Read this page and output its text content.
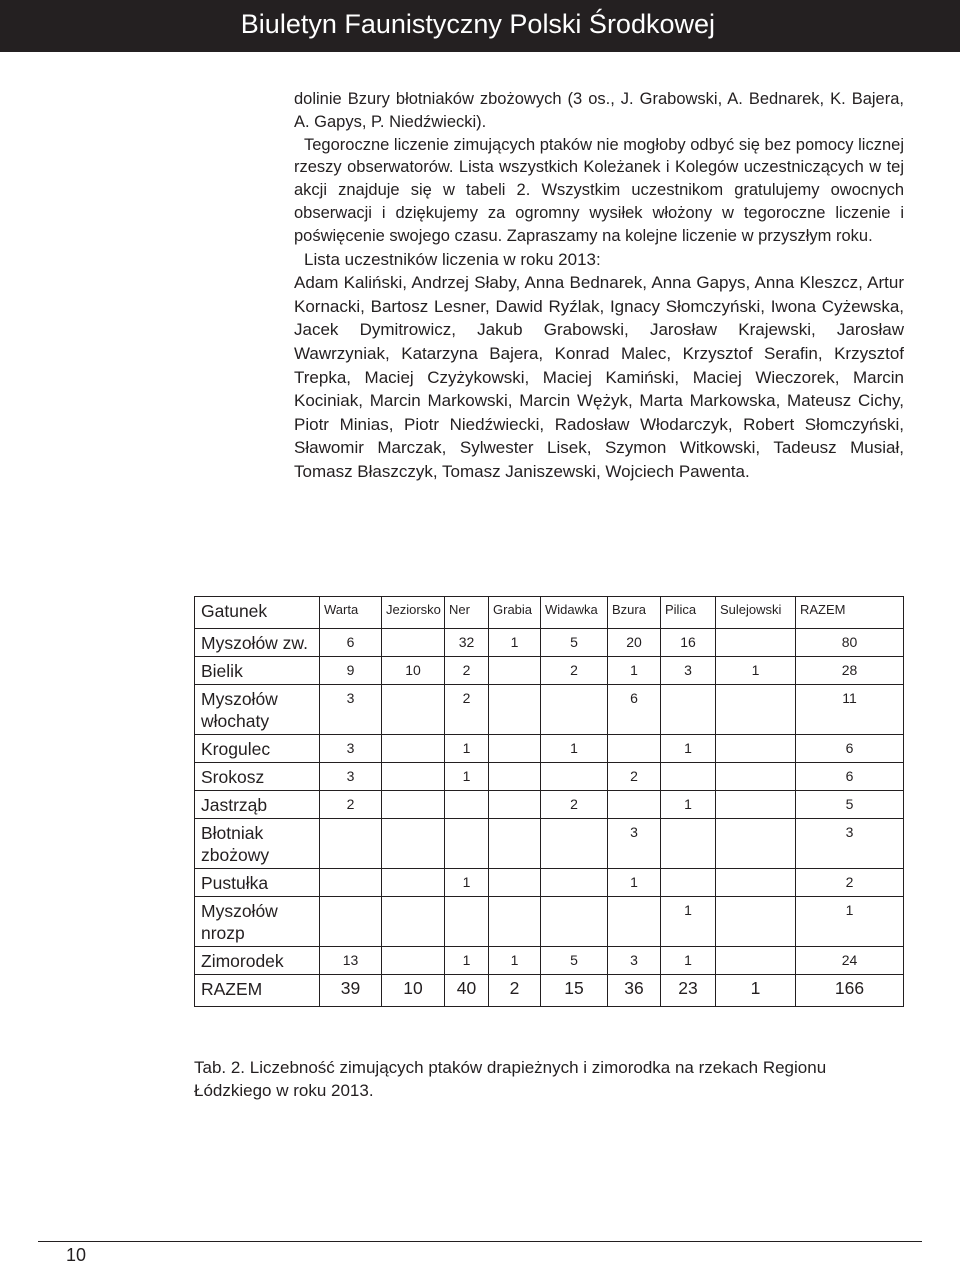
Biuletyn Faunistyczny Polski Środkowej

dolinie Bzury błotniaków zbożowych (3 os., J. Grabowski, A. Bednarek, K. Bajera, A. Gapys, P. Niedźwiecki).

Tegoroczne liczenie zimujących ptaków nie mogłoby odbyć się bez pomocy licznej rzeszy obserwatorów. Lista wszystkich Koleżanek i Kolegów uczestniczących w tej akcji znajduje się w tabeli 2. Wszystkim uczestnikom gratulujemy owocnych obserwacji i dziękujemy za ogromny wysiłek włożony w tegoroczne liczenie i poświęcenie swojego czasu. Zapraszamy na kolejne liczenie w przyszłym roku.

Lista uczestników liczenia w roku 2013:

Adam Kaliński, Andrzej Słaby, Anna Bednarek, Anna Gapys, Anna Kleszcz, Artur Kornacki, Bartosz Lesner, Dawid Ryźlak, Ignacy Słomczyński, Iwona Cyżewska, Jacek Dymitrowicz, Jakub Grabowski, Jarosław Krajewski, Jarosław Wawrzyniak, Katarzyna Bajera, Konrad Malec, Krzysztof Serafin, Krzysztof Trepka, Maciej Czyżykowski, Maciej Kamiński, Maciej Wieczorek, Marcin Kociniak, Marcin Markowski, Marcin Wężyk, Marta Markowska, Mateusz Cichy, Piotr Minias, Piotr Niedźwiecki, Radosław Włodarczyk, Robert Słomczyński, Sławomir Marczak, Sylwester Lisek, Szymon Witkowski, Tadeusz Musiał, Tomasz Błaszczyk, Tomasz Janiszewski, Wojciech Pawenta.

Gatunek	Warta	Jeziorsko	Ner	Grabia	Widawka	Bzura	Pilica	Sulejowski	RAZEM
Myszołów zw.	6		32	1	5	20	16		80
Bielik	9	10	2		2	1	3	1	28
Myszołów włochaty	3		2			6			11
Krogulec	3		1		1		1		6
Srokosz	3		1			2			6
Jastrząb	2				2		1		5
Błotniak zbożowy						3			3
Pustułka			1			1			2
Myszołów nrozp							1		1
Zimorodek	13		1	1	5	3	1		24
RAZEM	39	10	40	2	15	36	23	1	166
Tab. 2. Liczebność zimujących ptaków drapieżnych i zimorodka na rzekach Regionu Łódzkiego w roku 2013.
10
